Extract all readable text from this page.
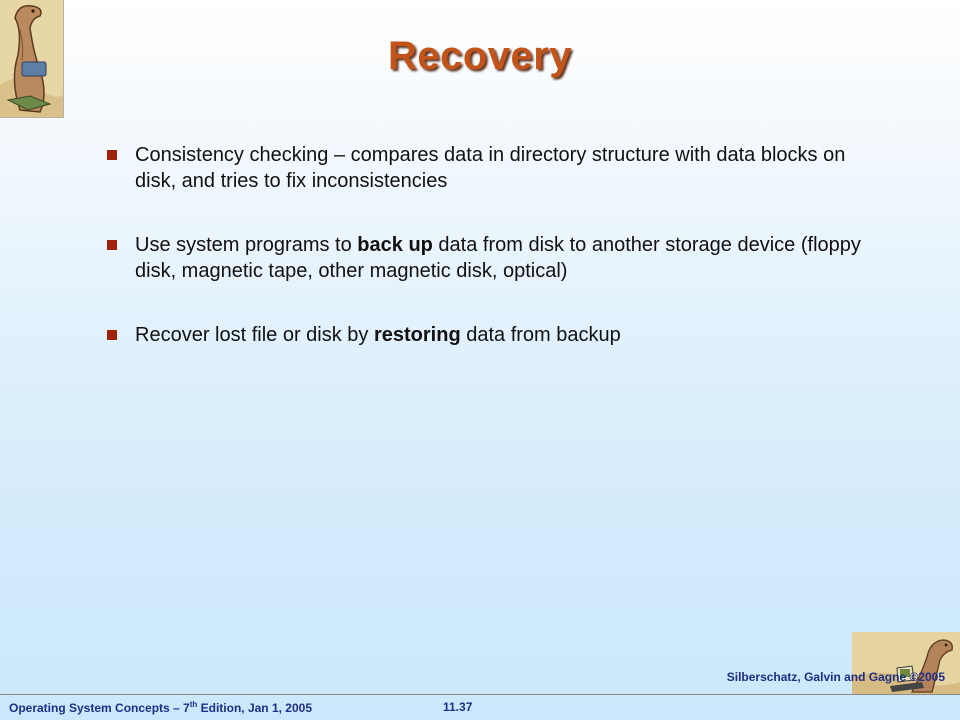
Recovery
Consistency checking – compares data in directory structure with data blocks on disk, and tries to fix inconsistencies
Use system programs to back up data from disk to another storage device (floppy disk, magnetic tape, other magnetic disk, optical)
Recover lost file or disk by restoring data from backup
Operating System Concepts – 7th Edition, Jan 1, 2005	11.37
Silberschatz, Galvin and Gagne ©2005
